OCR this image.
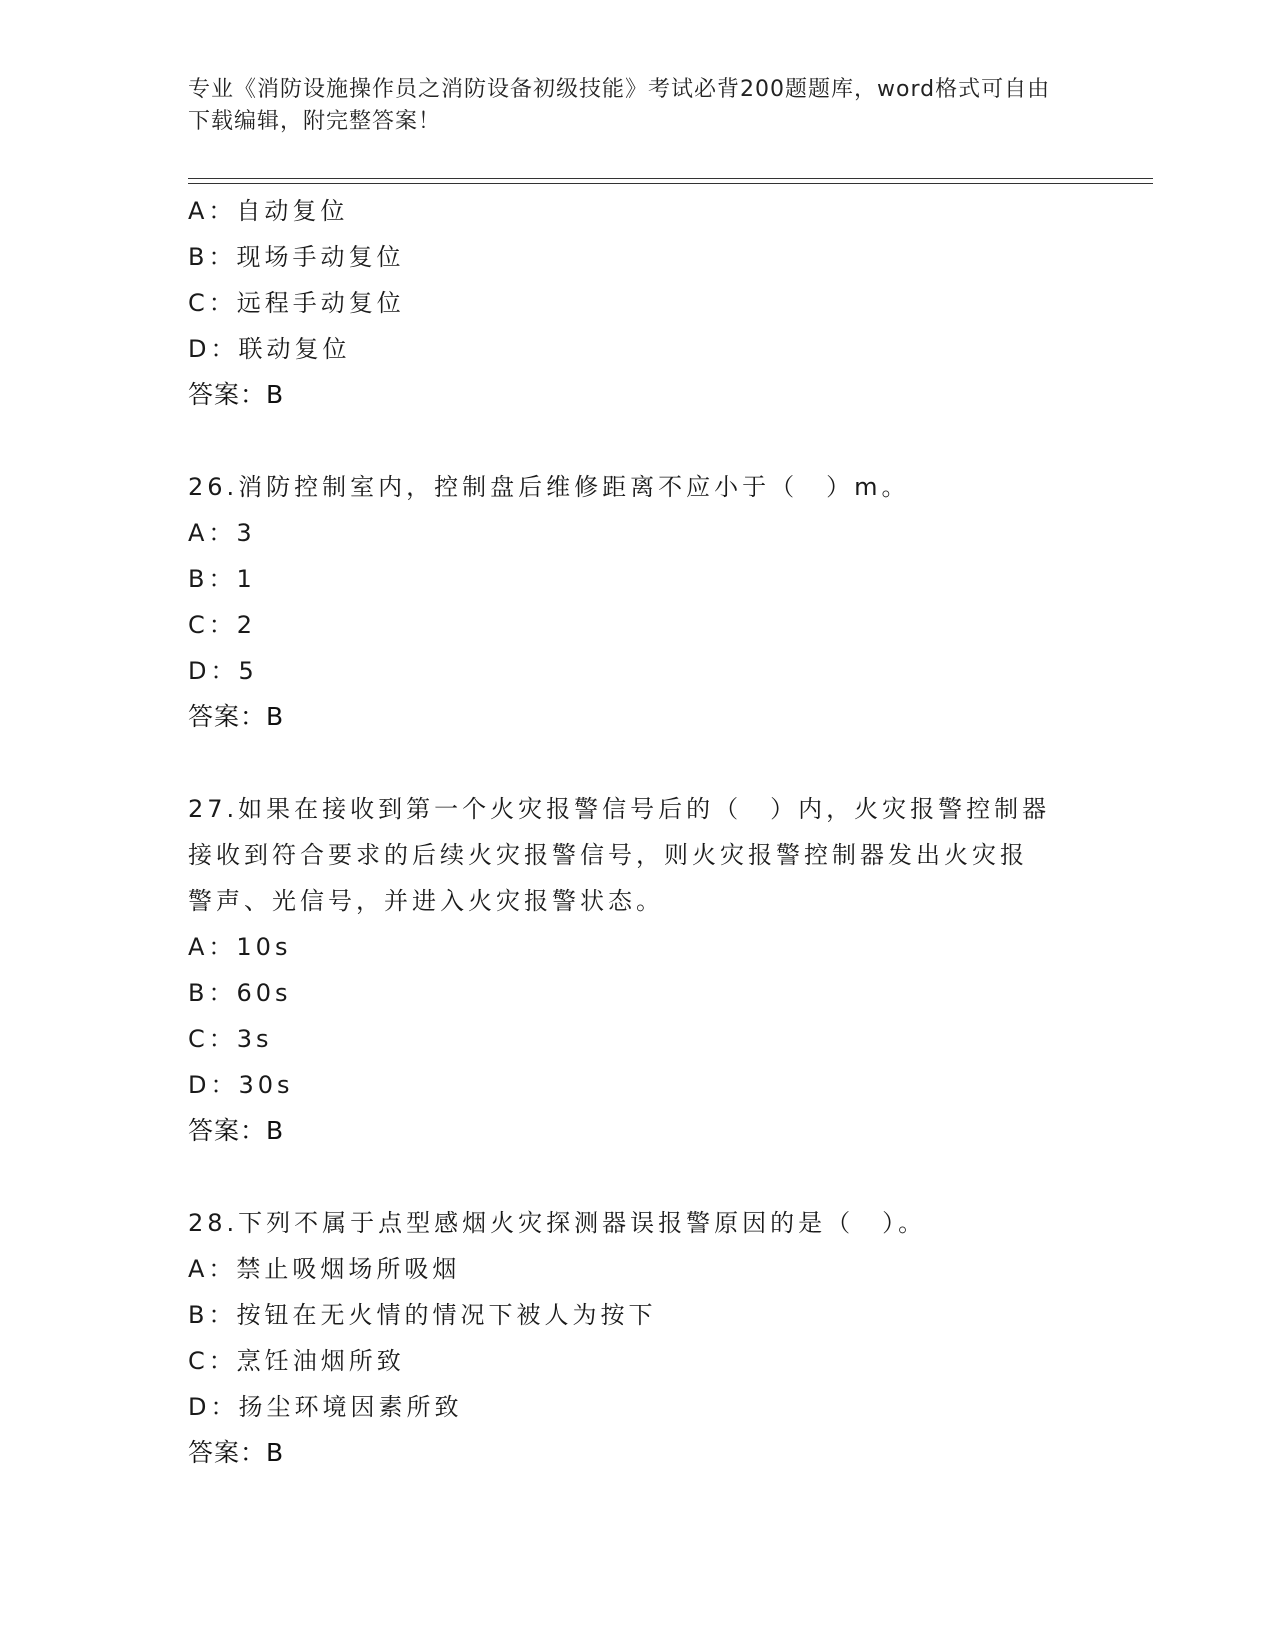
专业《消防设施操作员之消防设备初级技能》考试必背200题题库，word格式可自由下载编辑，附完整答案！
A：自动复位
B：现场手动复位
C：远程手动复位
D：联动复位
答案：B
26.消防控制室内，控制盘后维修距离不应小于（　）m。
A：3
B：1
C：2
D：5
答案：B
27.如果在接收到第一个火灾报警信号后的（　）内，火灾报警控制器
接收到符合要求的后续火灾报警信号，则火灾报警控制器发出火灾报
警声、光信号，并进入火灾报警状态。
A：10s
B：60s
C：3s
D：30s
答案：B
28.下列不属于点型感烟火灾探测器误报警原因的是（　）。
A：禁止吸烟场所吸烟
B：按钮在无火情的情况下被人为按下
C：烹饪油烟所致
D：扬尘环境因素所致
答案：B
